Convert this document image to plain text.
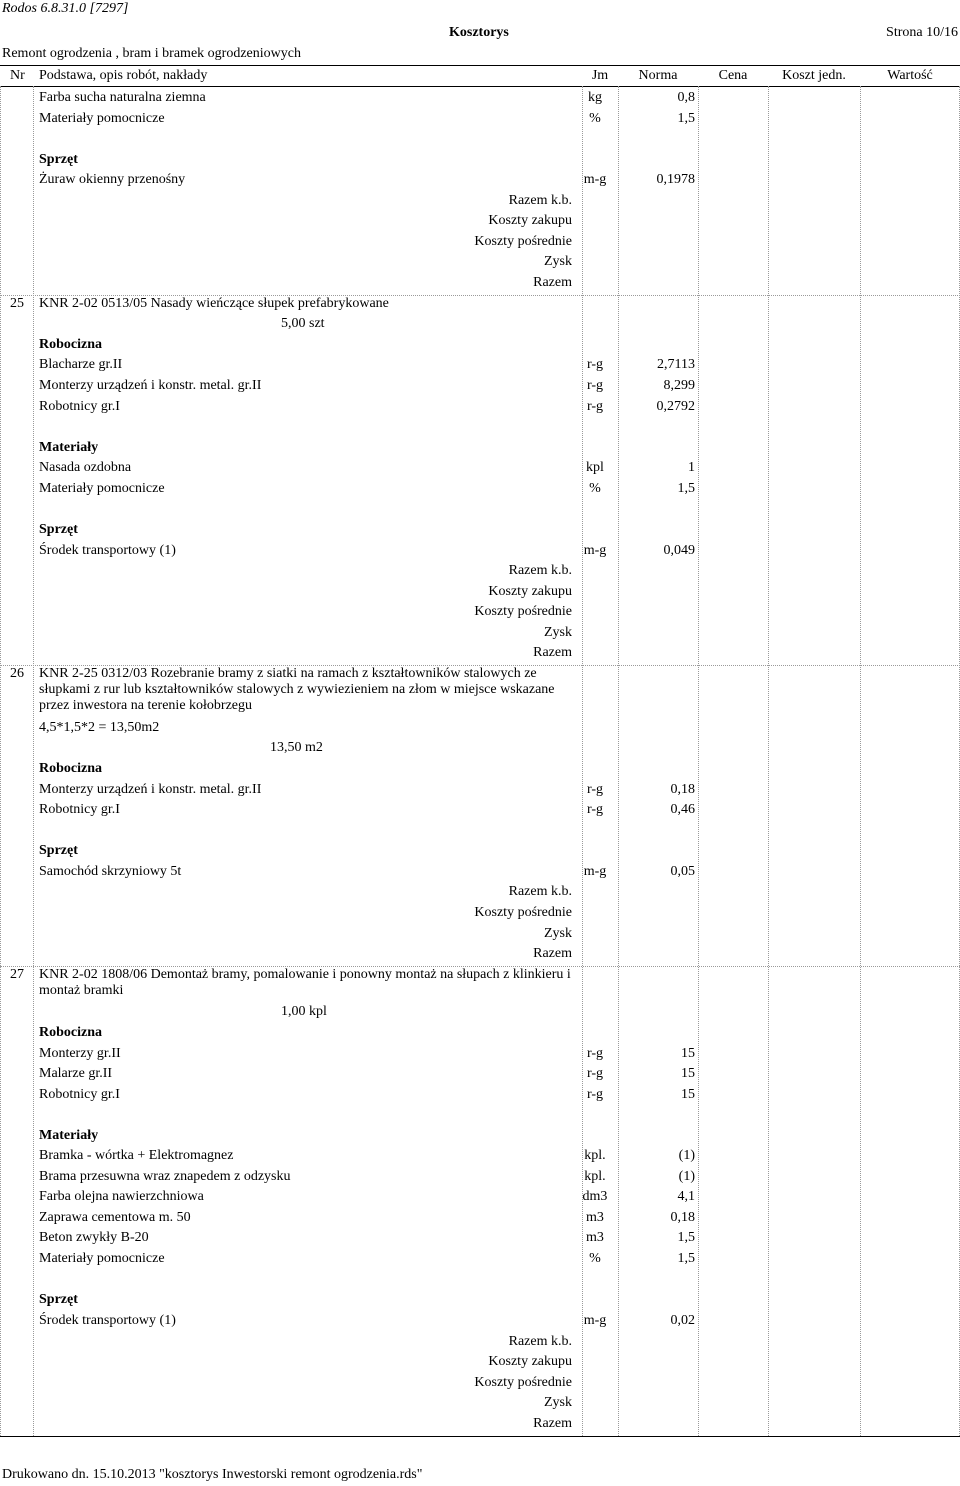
Rodos 6.8.31.0 [7297]
Kosztorys	Strona 10/16
Remont ogrodzenia , bram i bramek ogrodzeniowych
Nr Podstawa, opis robót, nakłady	Jm	Norma	Cena	Koszt jedn.	Wartość
Farba sucha naturalna ziemna	kg	0,8
Materiały pomocnicze	%	1,5
Sprzęt
Żuraw okienny przenośny	m-g	0,1978
Razem k.b.
Koszty zakupu
Koszty pośrednie
Zysk
Razem
25 KNR 2-02 0513/05 Nasady wieńczące słupek prefabrykowane
5,00 szt
Robocizna
Blacharze gr.II	r-g	2,7113
Monterzy urządzeń i konstr. metal. gr.II	r-g	8,299
Robotnicy gr.I	r-g	0,2792
Materiały
Nasada ozdobna	kpl	1
Materiały pomocnicze	%	1,5
Sprzęt
Środek transportowy (1)	m-g	0,049
Razem k.b.
Koszty zakupu
Koszty pośrednie
Zysk
Razem
26 KNR 2-25 0312/03 Rozebranie bramy z siatki na ramach z kształtowników stalowych ze słupkami z rur lub kształtowników stalowych z wywiezieniem na złom w miejsce wskazane przez inwestora na terenie kołobrzegu
4,5*1,5*2 = 13,50m2
13,50 m2
Robocizna
Monterzy urządzeń i konstr. metal. gr.II	r-g	0,18
Robotnicy gr.I	r-g	0,46
Sprzęt
Samochód skrzyniowy 5t	m-g	0,05
Razem k.b.
Koszty pośrednie
Zysk
Razem
27 KNR 2-02 1808/06 Demontaż bramy, pomalowanie i ponowny montaż na słupach z klinkieru i montaż bramki
1,00 kpl
Robocizna
Monterzy gr.II	r-g	15
Malarze gr.II	r-g	15
Robotnicy gr.I	r-g	15
Materiały
Bramka - wórtka + Elektromagnez	kpl.	(1)
Brama przesuwna wraz znapedem z odzysku	kpl.	(1)
Farba olejna nawierzchniowa	dm3	4,1
Zaprawa cementowa m. 50	m3	0,18
Beton zwykły B-20	m3	1,5
Materiały pomocnicze	%	1,5
Sprzęt
Środek transportowy (1)	m-g	0,02
Razem k.b.
Koszty zakupu
Koszty pośrednie
Zysk
Razem
Drukowano dn. 15.10.2013 "kosztorys Inwestorski remont ogrodzenia.rds"
